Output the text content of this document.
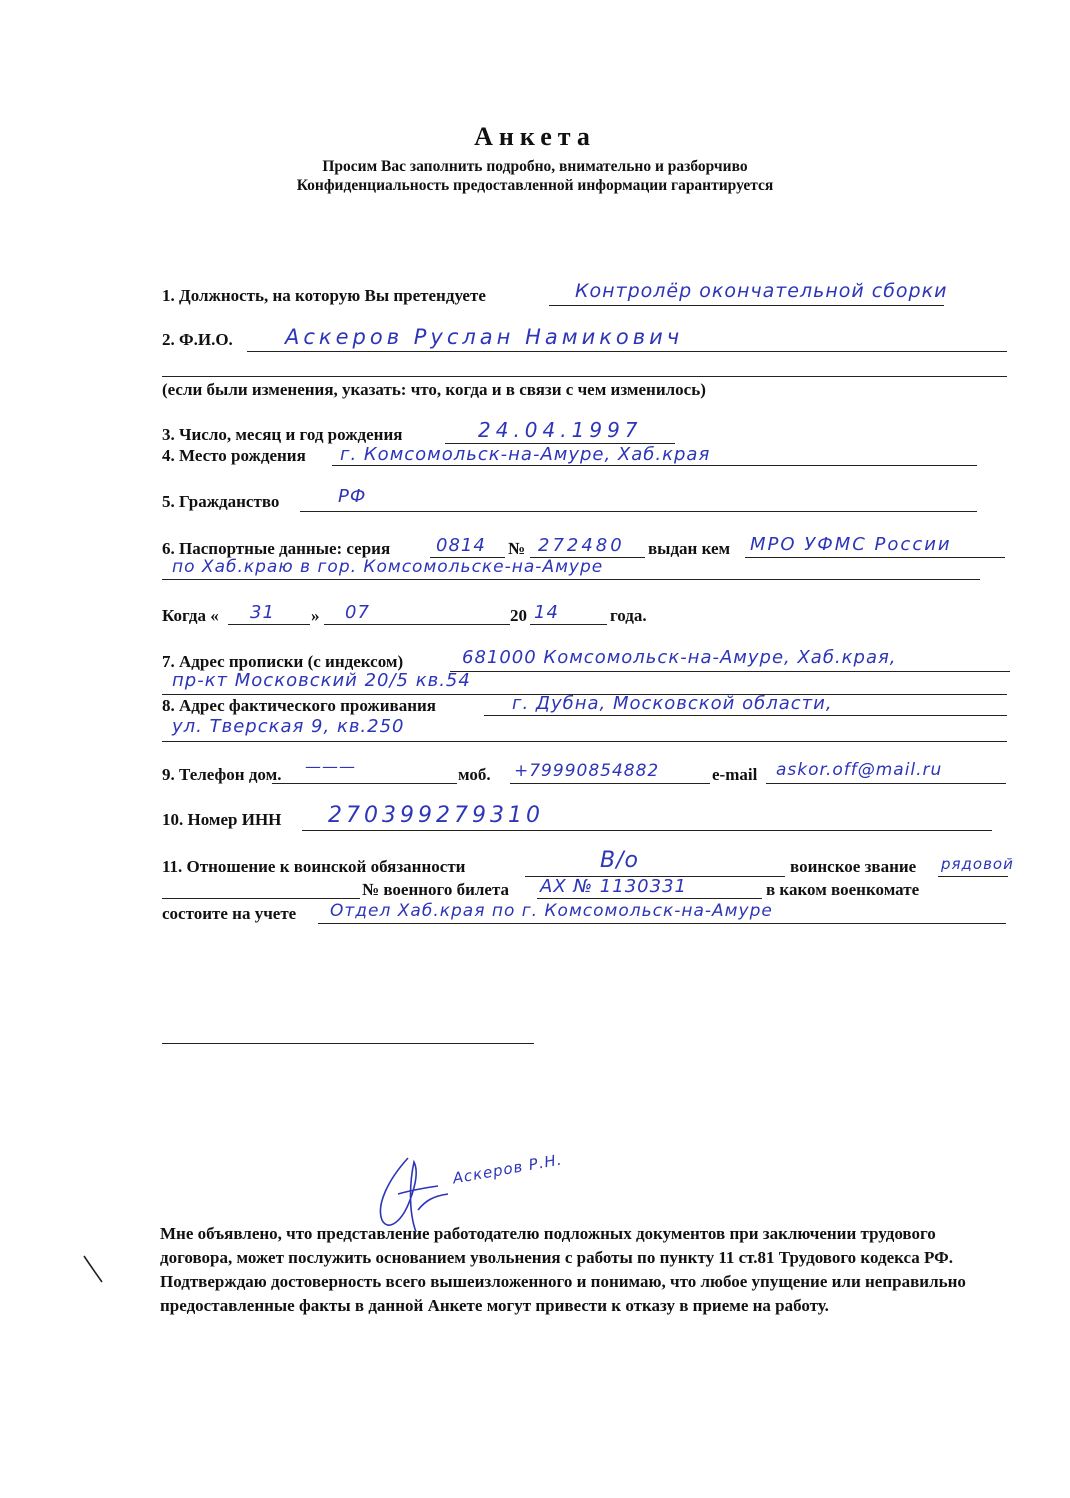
Анкета
Просим Вас заполнить подробно, внимательно и разборчиво
Конфиденциальность предоставленной информации гарантируется
1. Должность, на которую Вы претендуете	Контролёр окончательной сборки
2. Ф.И.О. Аскеров Руслан Намикович
(если были изменения, указать: что, когда и в связи с чем изменилось)
3. Число, месяц и год рождения	24.04.1997
4. Место рождения г. Комсомольск-на-Амуре, Хаб.края
5. Гражданство	РФ
6. Паспортные данные: серия	0814 № 272480 выдан кем МРО УФМС России
по Хаб.краю в гор. Комсомольске-на-Амуре
Когда « 31 » 07	20 14	года.
7. Адрес прописки (с индексом)	681000 Комсомольск-на-Амуре, Хаб.края,
пр-кт Московский 20/5 кв.54
8. Адрес фактического проживания	г. Дубна, Московской области,
ул. Тверская 9, кв.250
9. Телефон дом. ———	моб. +79990854882	e-mail askor.off@mail.ru
10. Номер ИНН 270399279310
11. Отношение к воинской обязанности	В/о	воинское звание рядовой
№ военного билета АХ № 1130331	в каком военкомате
состоите на учете Отдел Хаб.края по г. Комсомольск-на-Амуре
Мне объявлено, что представление работодателю подложных документов при заключении трудового договора, может послужить основанием увольнения с работы по пункту 11 ст.81 Трудового кодекса РФ. Подтверждаю достоверность всего вышеизложенного и понимаю, что любое упущение или неправильно предоставленные факты в данной Анкете могут привести к отказу в приеме на работу.
Аскеров Р.Н.
